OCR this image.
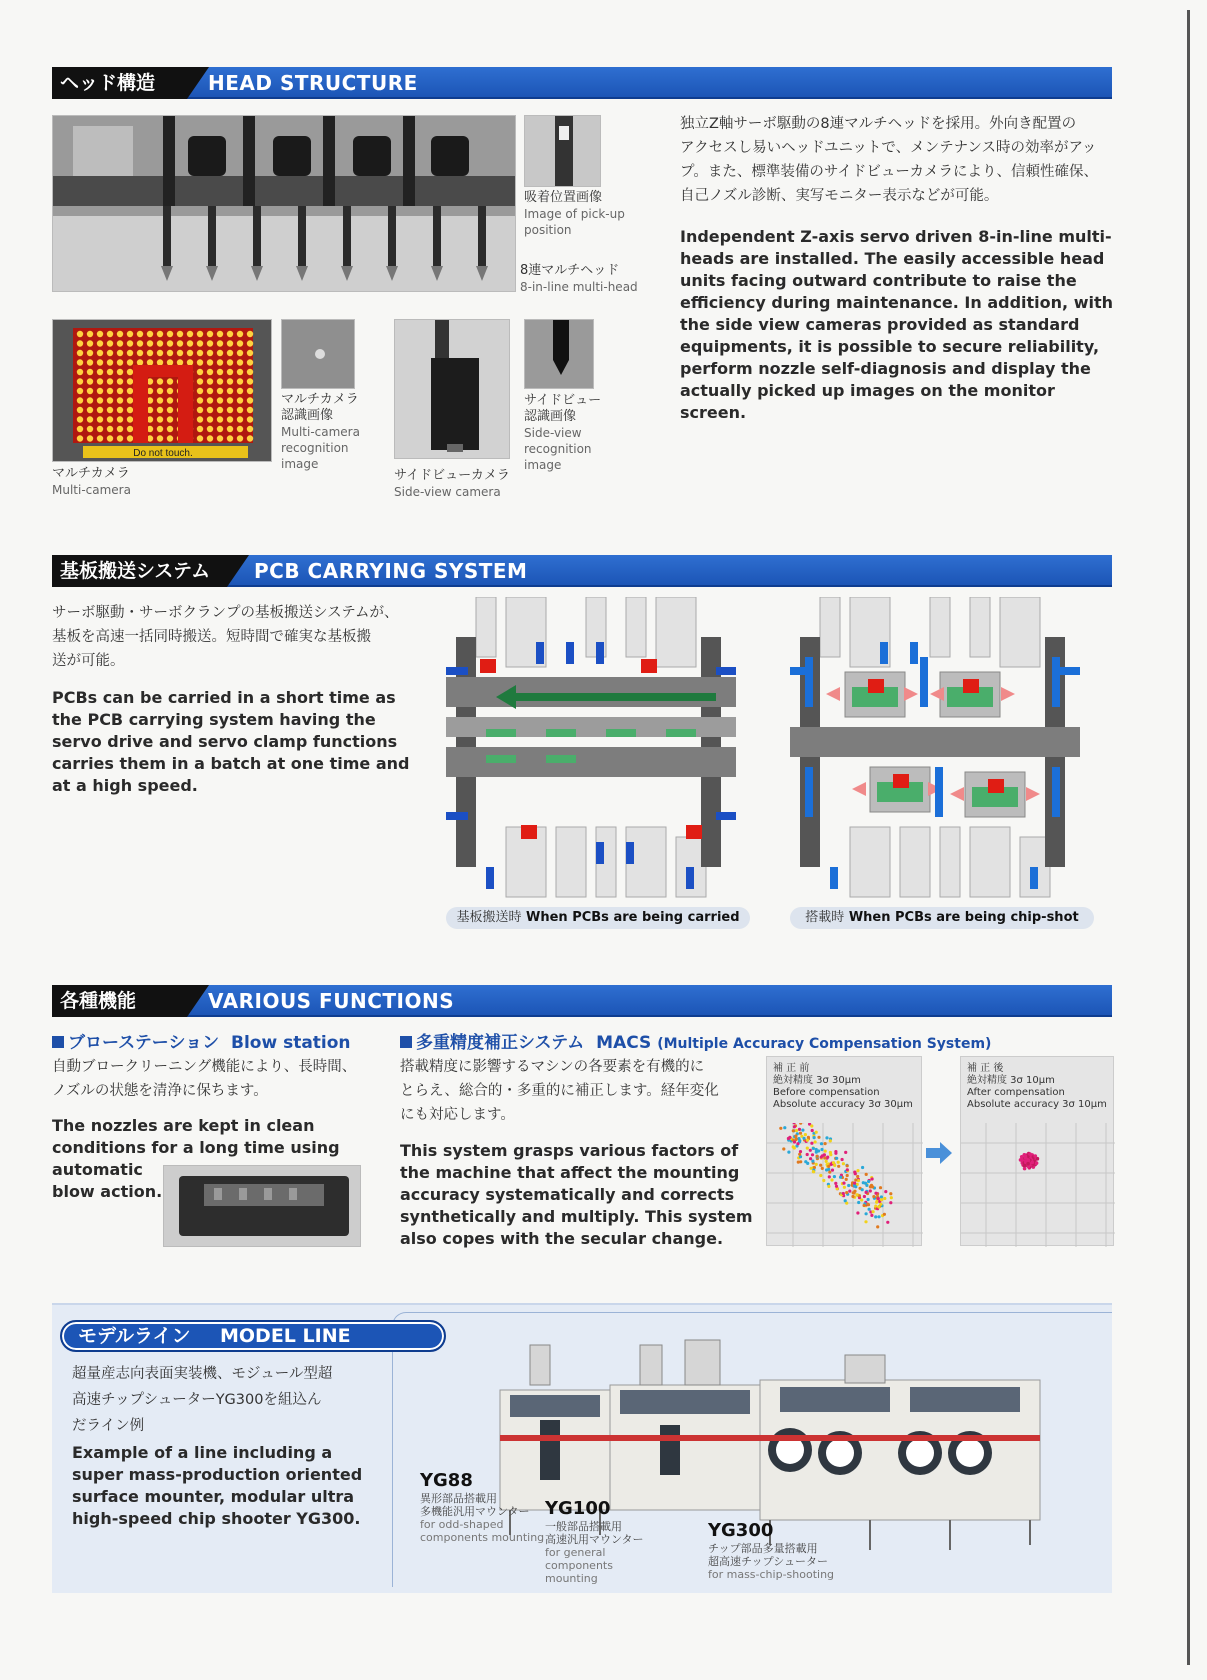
ヘッド構造	HEAD STRUCTURE
吸着位置画像
Image of pick-up
position
8連マルチヘッド
8-in-line multi-head
独立Z軸サーボ駆動の8連マルチヘッドを採用。外向き配置の
アクセスし易いヘッドユニットで、メンテナンス時の効率がアッ
プ。また、標準装備のサイドビューカメラにより、信頼性確保、
自己ノズル診断、実写モニター表示などが可能。
Independent Z-axis servo driven 8-in-line multi-
heads are installed. The easily accessible head
units facing outward contribute to raise the
efficiency during maintenance. In addition, with
the side view cameras provided as standard
equipments, it is possible to secure reliability,
perform nozzle self-diagnosis and display the
actually picked up images on the monitor
screen.
Do not touch.
マルチカメラ
Multi-camera
マルチカメラ
認識画像
Multi-camera
recognition
image
サイドビューカメラ
Side-view camera
サイドビュー
認識画像
Side-view
recognition
image
基板搬送システム	PCB CARRYING SYSTEM
サーボ駆動・サーボクランプの基板搬送システムが、
基板を高速一括同時搬送。短時間で確実な基板搬
送が可能。
PCBs can be carried in a short time as
the PCB carrying system having the
servo drive and servo clamp functions
carries them in a batch at one time and
at a high speed.
基板搬送時 When PCBs are being carried	搭載時 When PCBs are being chip-shot
各種機能	VARIOUS FUNCTIONS
ブローステーション Blow station
自動ブロークリーニング機能により、長時間、
ノズルの状態を清浄に保ちます。
The nozzles are kept in clean
conditions for a long time using
automatic
blow action.
多重精度補正システム MACS (Multiple Accuracy Compensation System)
搭載精度に影響するマシンの各要素を有機的に
とらえ、総合的・多重的に補正します。経年変化
にも対応します。
This system grasps various factors of
the machine that affect the mounting
accuracy systematically and corrects
synthetically and multiply. This system
also copes with the secular change.
補 正 前
絶対精度 3σ 30μm
Before compensation
Absolute accuracy 3σ 30μm
補 正 後
絶対精度 3σ 10μm
After compensation
Absolute accuracy 3σ 10μm
モデルライン MODEL LINE
超量産志向表面実装機、モジュール型超
高速チップシューターYG300を組込ん
だライン例
Example of a line including a
super mass-production oriented
surface mounter, modular ultra
high-speed chip shooter YG300.
YG88
異形部品搭載用
多機能汎用マウンター
for odd-shaped
components mounting
YG100
一般部品搭載用
高速汎用マウンター
for general components
mounting
YG300
チップ部品多量搭載用
超高速チップシューター
for mass-chip-shooting
